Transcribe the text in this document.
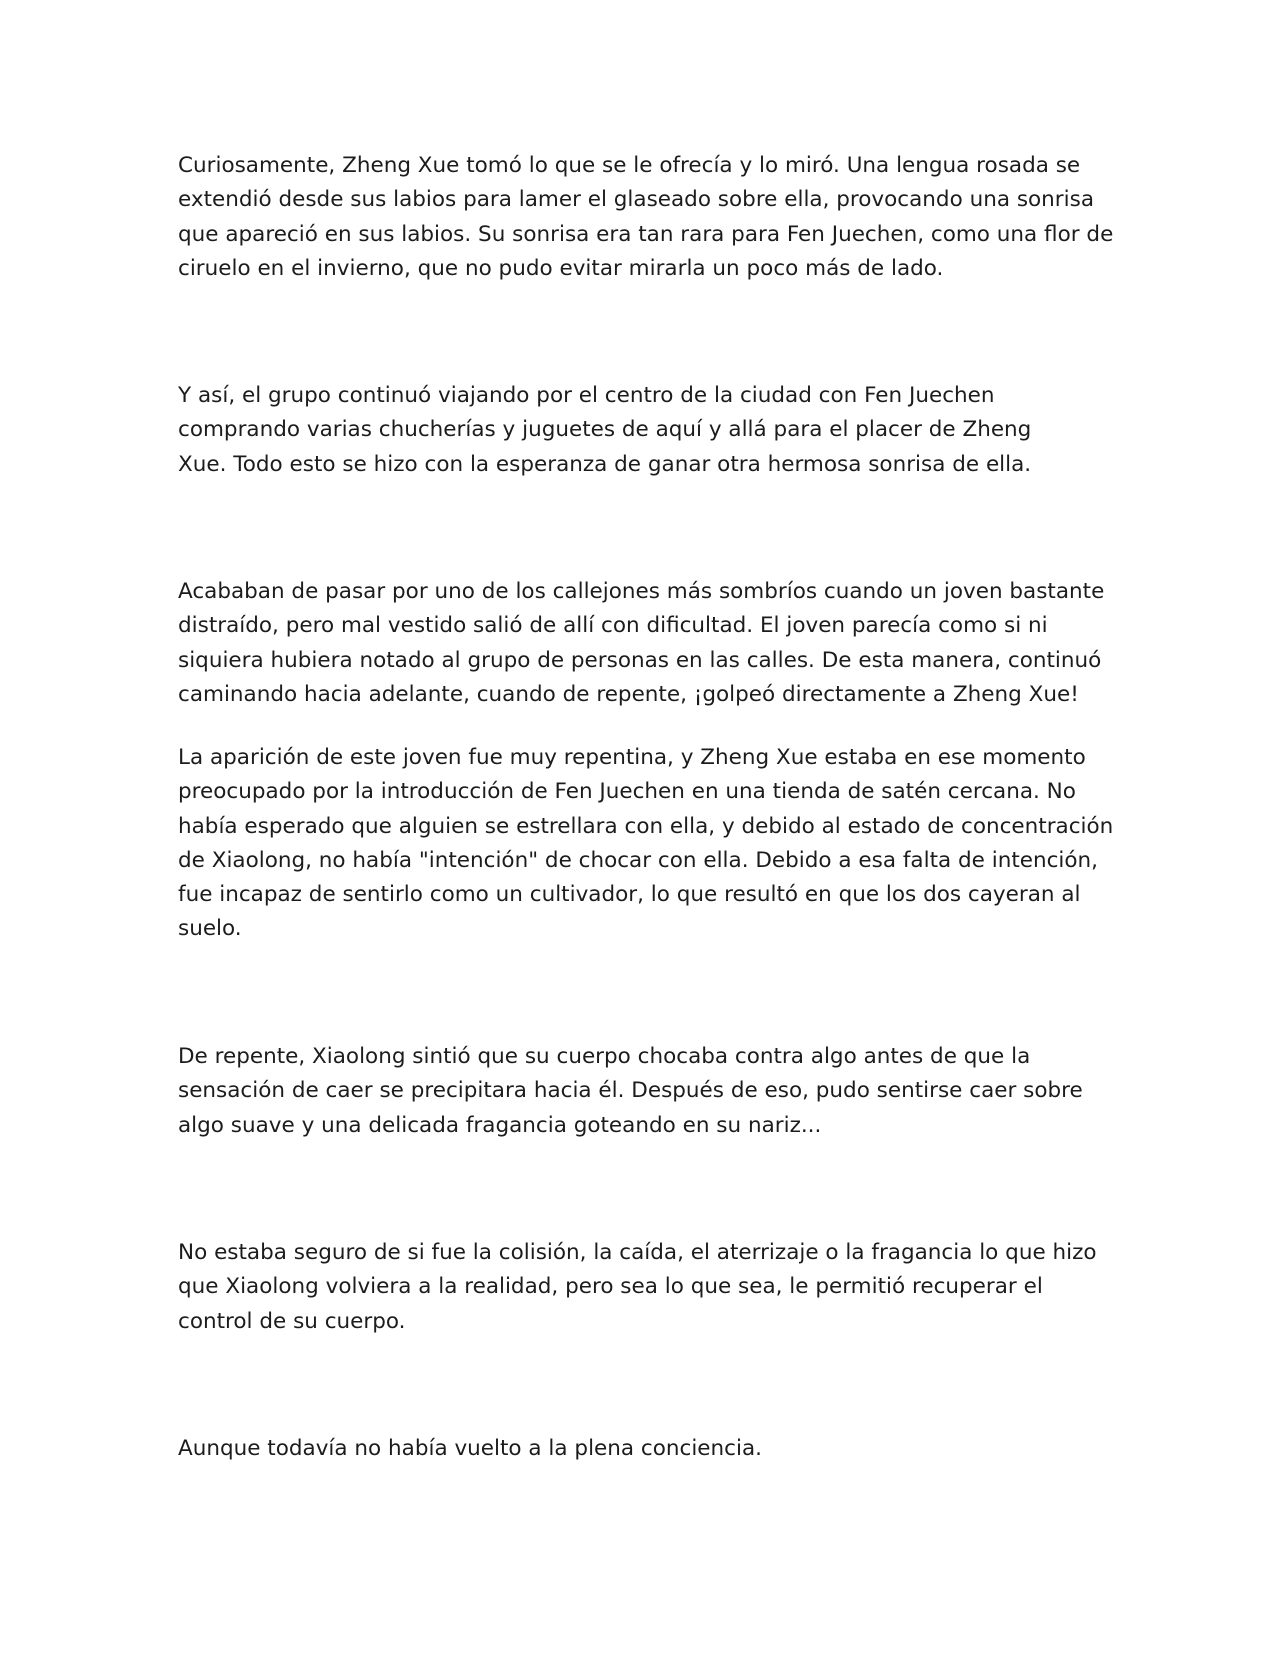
Curiosamente, Zheng Xue tomó lo que se le ofrecía y lo miró. Una lengua rosada se
extendió desde sus labios para lamer el glaseado sobre ella, provocando una sonrisa
que apareció en sus labios. Su sonrisa era tan rara para Fen Juechen, como una flor de
ciruelo en el invierno, que no pudo evitar mirarla un poco más de lado.

Y así, el grupo continuó viajando por el centro de la ciudad con Fen Juechen
comprando varias chucherías y juguetes de aquí y allá para el placer de Zheng
Xue. Todo esto se hizo con la esperanza de ganar otra hermosa sonrisa de ella.

Acababan de pasar por uno de los callejones más sombríos cuando un joven bastante
distraído, pero mal vestido salió de allí con dificultad. El joven parecía como si ni
siquiera hubiera notado al grupo de personas en las calles. De esta manera, continuó
caminando hacia adelante, cuando de repente, ¡golpeó directamente a Zheng Xue!

La aparición de este joven fue muy repentina, y Zheng Xue estaba en ese momento
preocupado por la introducción de Fen Juechen en una tienda de satén cercana. No
había esperado que alguien se estrellara con ella, y debido al estado de concentración
de Xiaolong, no había "intención" de chocar con ella. Debido a esa falta de intención,
fue incapaz de sentirlo como un cultivador, lo que resultó en que los dos cayeran al
suelo.

De repente, Xiaolong sintió que su cuerpo chocaba contra algo antes de que la
sensación de caer se precipitara hacia él. Después de eso, pudo sentirse caer sobre
algo suave y una delicada fragancia goteando en su nariz...

No estaba seguro de si fue la colisión, la caída, el aterrizaje o la fragancia lo que hizo
que Xiaolong volviera a la realidad, pero sea lo que sea, le permitió recuperar el
control de su cuerpo.

Aunque todavía no había vuelto a la plena conciencia.
